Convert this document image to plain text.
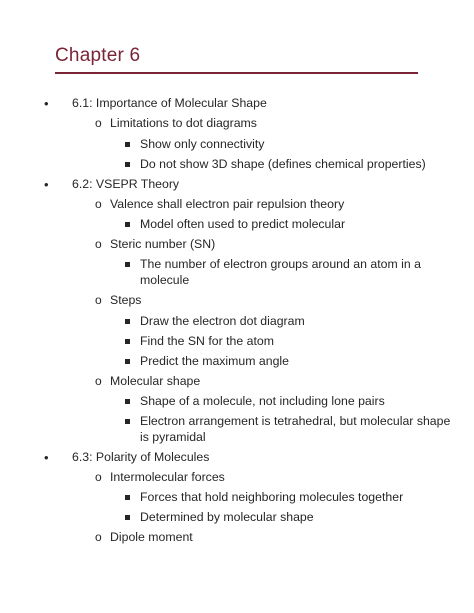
Chapter 6
• 6.1: Importance of Molecular Shape
o Limitations to dot diagrams
Show only connectivity
Do not show 3D shape (defines chemical properties)
• 6.2: VSEPR Theory
o Valence shall electron pair repulsion theory
Model often used to predict molecular
o Steric number (SN)
The number of electron groups around an atom in a
molecule
o Steps
Draw the electron dot diagram
Find the SN for the atom
Predict the maximum angle
o Molecular shape
Shape of a molecule, not including lone pairs
Electron arrangement is tetrahedral, but molecular shape
is pyramidal
• 6.3: Polarity of Molecules
o Intermolecular forces
Forces that hold neighboring molecules together
Determined by molecular shape
o Dipole moment
